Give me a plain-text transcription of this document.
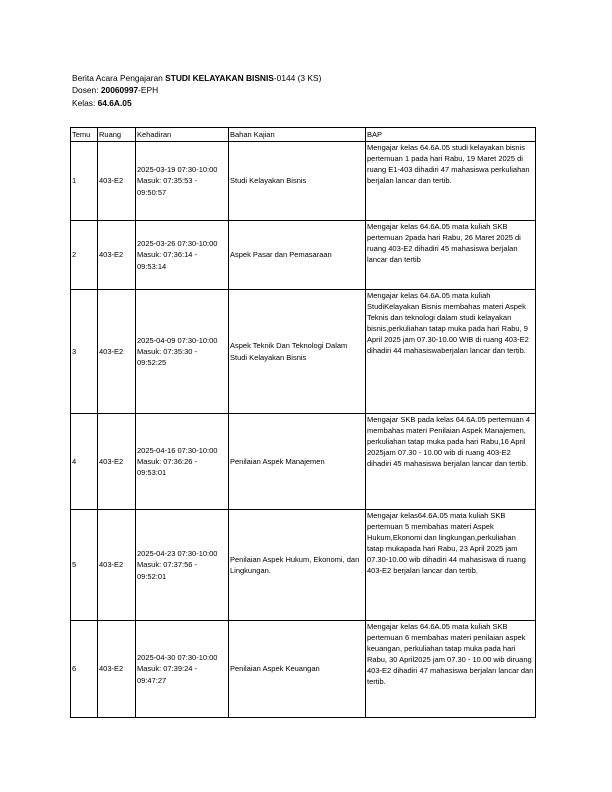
Berita Acara Pengajaran STUDI KELAYAKAN BISNIS-0144 (3 KS)
Dosen: 20060997-EPH
Kelas: 64.6A.05
Temu	Ruang	Kehadiran	Bahan Kajian	BAP
1	403-E2	2025-03-19 07:30-10:00 Masuk: 07:35:53 - 09:50:57	Studi Kelayakan Bisnis	Mengajar kelas 64.6A.05 studi kelayakan bisnis pertemuan 1 pada hari Rabu, 19 Maret 2025 di ruang E1-403 dihadiri 47 mahasiswa perkuliahan berjalan lancar dan tertib.
2	403-E2	2025-03-26 07:30-10:00 Masuk: 07:36:14 - 09:53:14	Aspek Pasar dan Pemasaraan	Mengajar kelas 64.6A.05 mata kuliah SKB pertemuan 2pada hari Rabu, 26 Maret 2025 di ruang 403-E2 dihadiri 45 mahasiswa berjalan lancar dan tertib
3	403-E2	2025-04-09 07:30-10:00 Masuk: 07:35:30 - 09:52:25	Aspek Teknik Dan Teknologi Dalam Studi Kelayakan Bisnis	Mengajar kelas 64.6A.05 mata kuliah StudiKelayakan Bisnis membahas materi Aspek Teknis dan teknologi dalam studi kelayakan bisnis,perkuliahan tatap muka pada hari Rabu, 9 April 2025 jam 07.30-10.00 WIB di ruang 403-E2 dihadiri 44 mahasiswaberjalan lancar dan tertib.
4	403-E2	2025-04-16 07:30-10:00 Masuk: 07:36:26 - 09:53:01	Penilaian Aspek Manajemen	Mengajar SKB pada kelas 64.6A.05 pertemuan 4 membahas materi Penilaian Aspek Manajemen, perkuliahan tatap muka pada hari Rabu,16 April 2025jam 07.30 - 10.00 wib di ruang 403-E2 dihadiri 45 mahasiswa berjalan lancar dan tertib.
5	403-E2	2025-04-23 07:30-10:00 Masuk: 07:37:56 - 09:52:01	Penilaian Aspek Hukum, Ekonomi, dan Lingkungan.	Mengajar kelas64.6A.05 mata kuliah SKB pertemuan 5 membahas materi Aspek Hukum,Ekonomi dan lingkungan,perkuliahan tatap mukapada hari Rabu, 23 April 2025 jam 07.30-10.00 wib dihadiri 44 mahasiswa di ruang 403-E2 berjalan lancar dan tertib.
6	403-E2	2025-04-30 07:30-10:00 Masuk: 07:39:24 - 09:47:27	Penilaian Aspek Keuangan	Mengajar kelas 64.6A.05 mata kuliah SKB pertemuan 6 membahas materi penilaian aspek keuangan, perkuliahan tatap muka pada hari Rabu, 30 April2025 jam 07.30 - 10.00 wib diruang 403-E2 dihadiri 47 mahasiswa berjalan lancar dan tertib.
